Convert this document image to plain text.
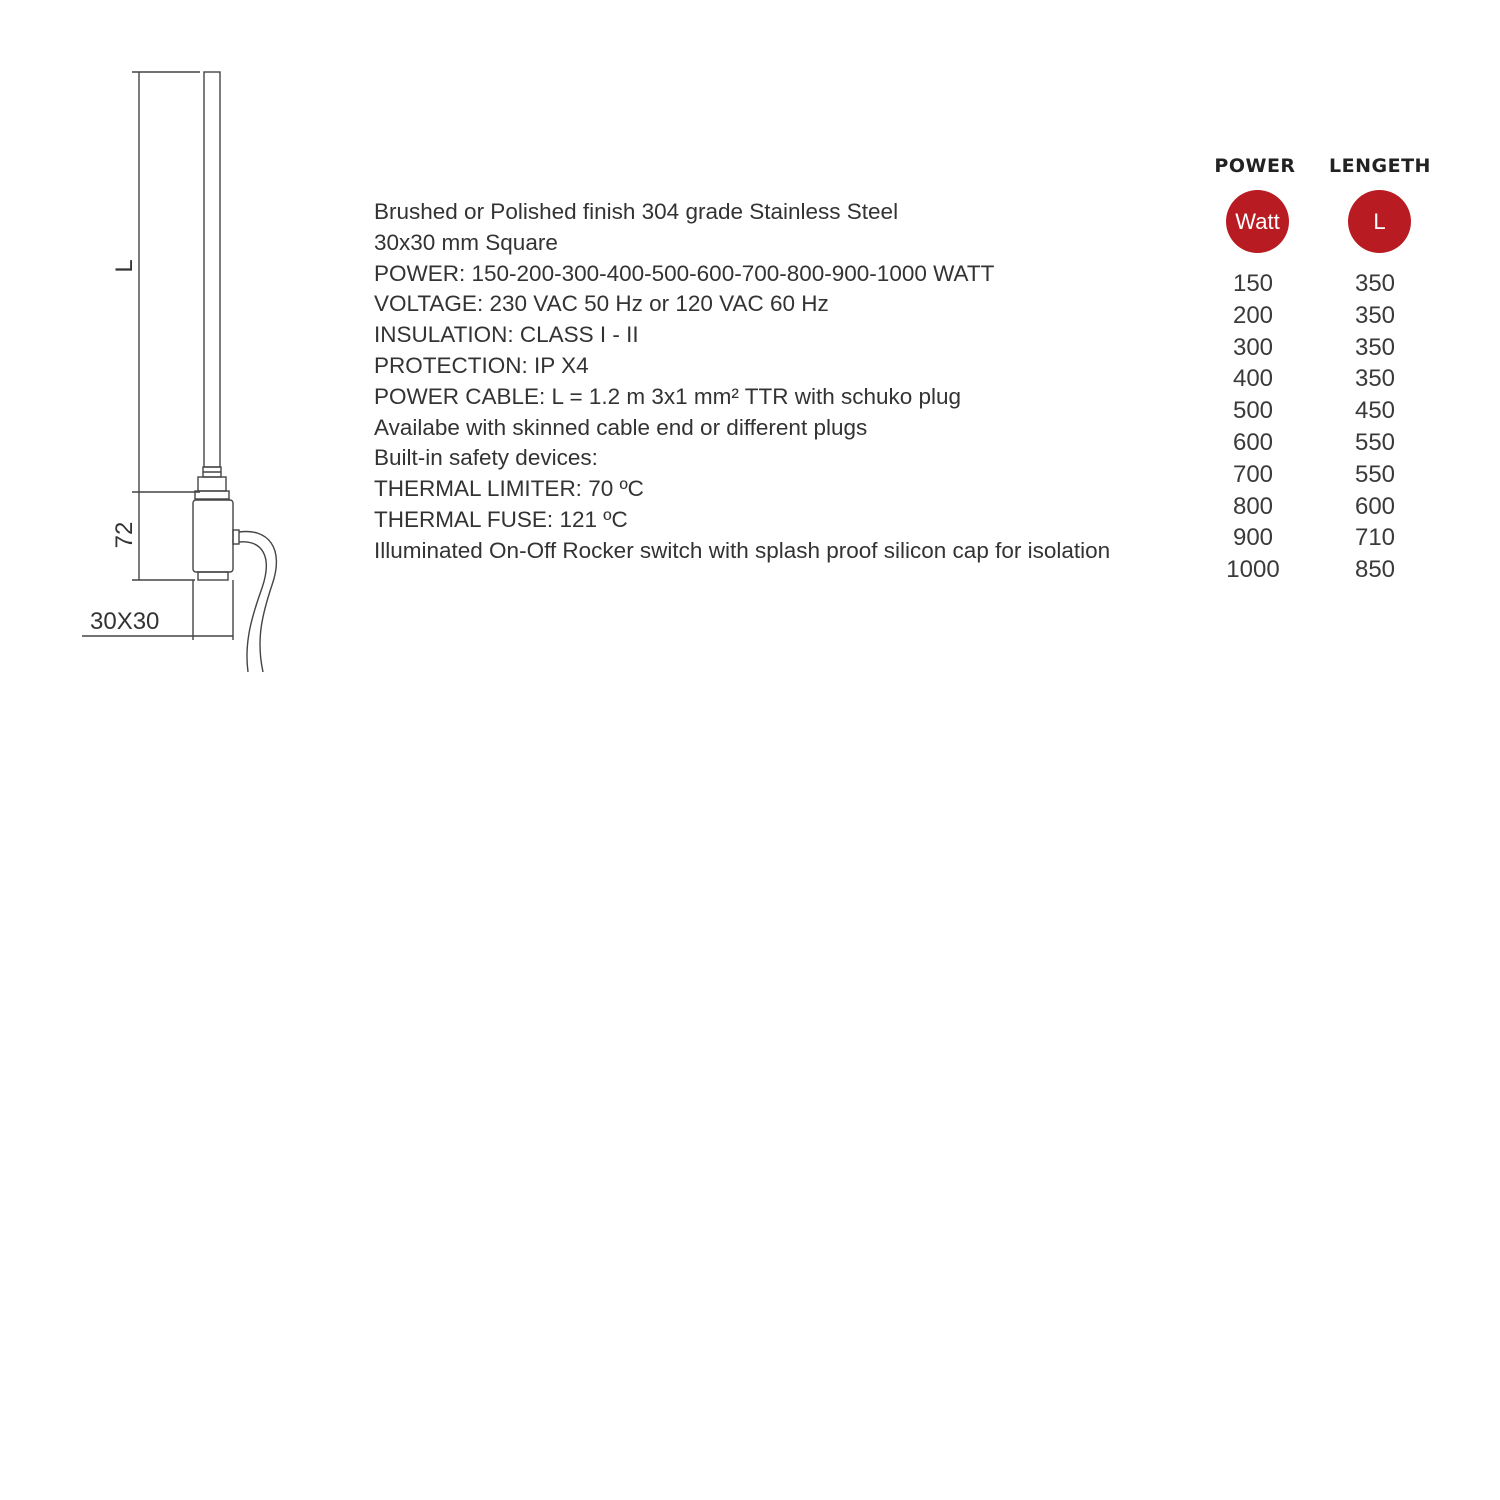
L
72
30X30
Brushed or Polished finish 304 grade Stainless Steel
30x30 mm Square
POWER: 150-200-300-400-500-600-700-800-900-1000 WATT
VOLTAGE: 230 VAC 50 Hz or 120 VAC 60 Hz
INSULATION: CLASS I - II
PROTECTION: IP X4
POWER CABLE: L = 1.2 m 3x1 mm² TTR with schuko plug
Availabe with skinned cable end or different plugs
Built-in safety devices:
THERMAL LIMITER: 70 ºC
THERMAL FUSE: 121 ºC
Illuminated On-Off Rocker switch with splash proof silicon cap for isolation
POWER	LENGETH
Watt	L
150
200
300
400
500
600
700
800
900
1000
350
350
350
350
450
550
550
600
710
850
